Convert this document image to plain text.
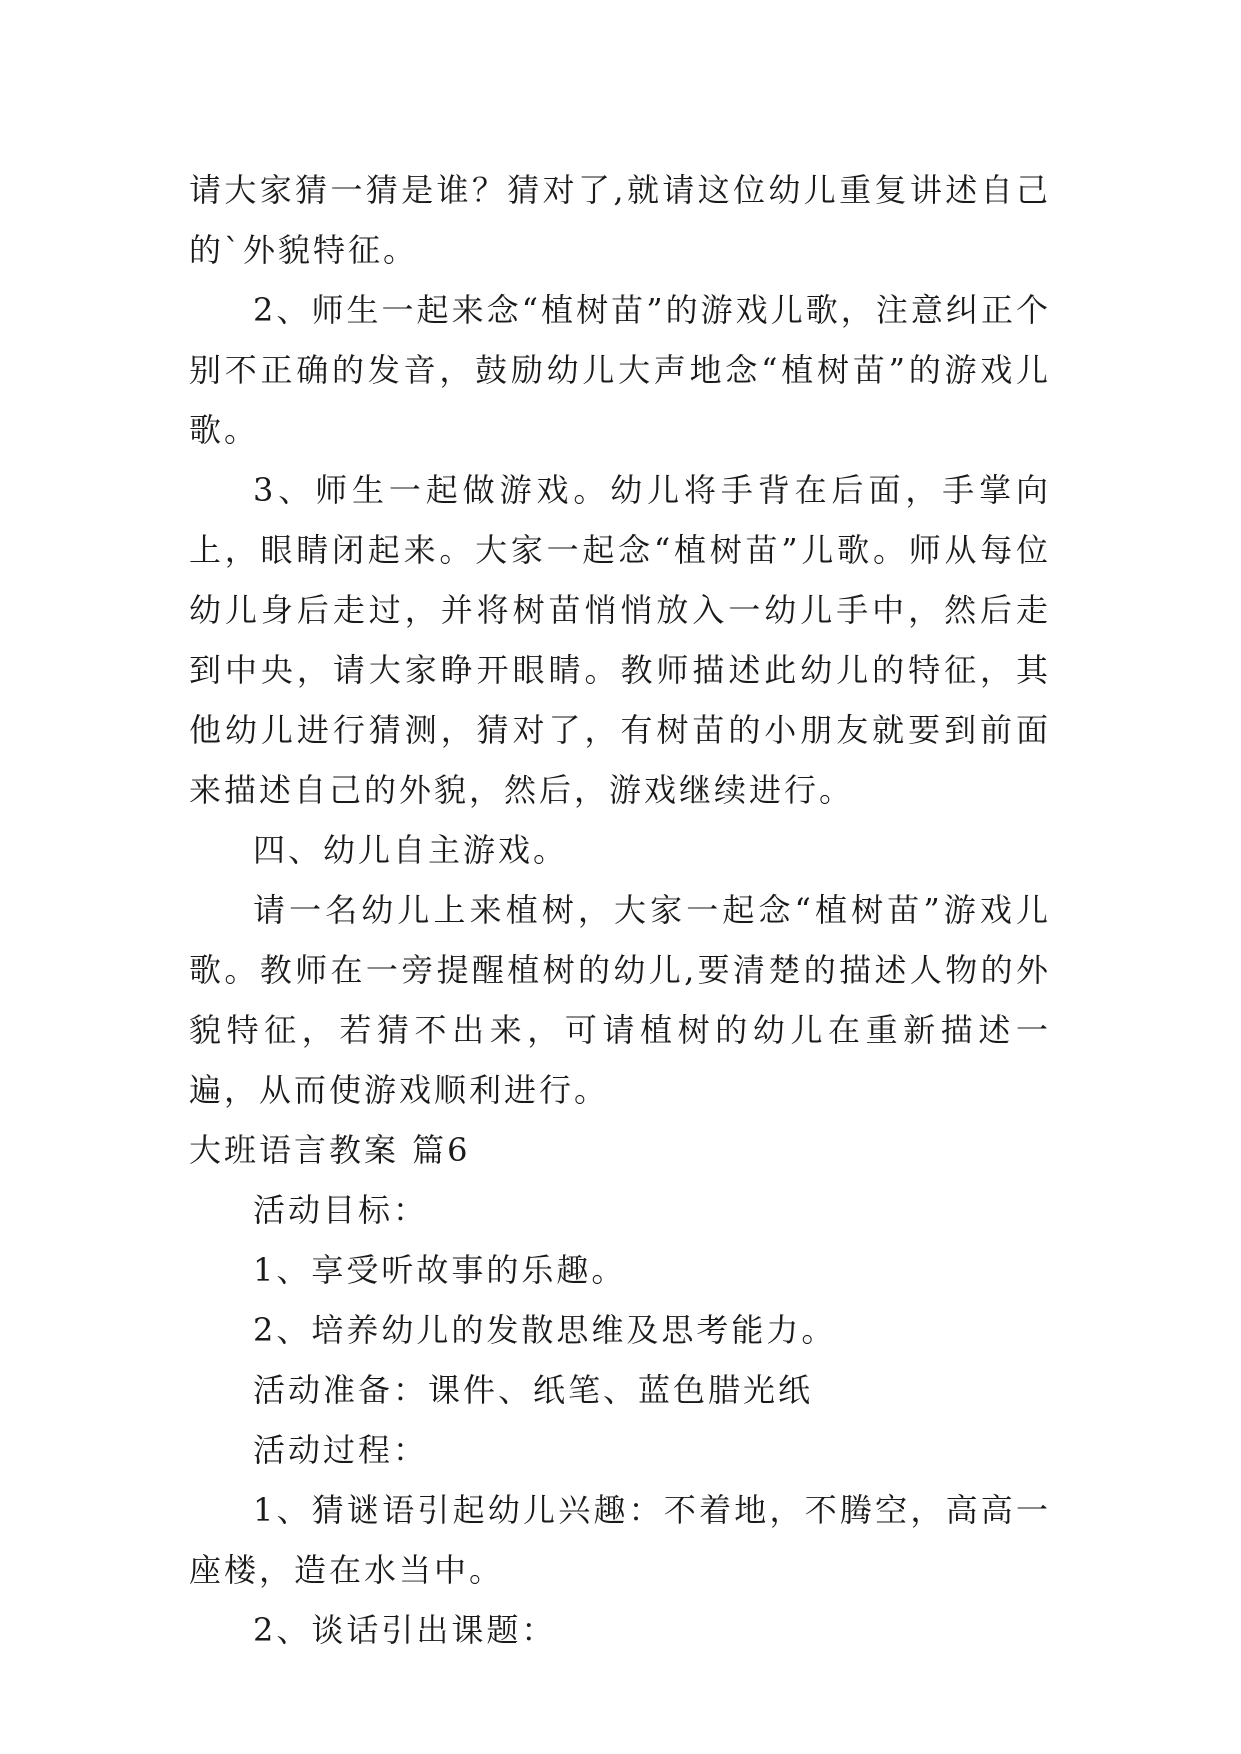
请大家猜一猜是谁？猜对了,就请这位幼儿重复讲述自己的`外貌特征。

2、师生一起来念“植树苗”的游戏儿歌，注意纠正个别不正确的发音，鼓励幼儿大声地念“植树苗”的游戏儿歌。

3、师生一起做游戏。幼儿将手背在后面，手掌向上，眼睛闭起来。大家一起念“植树苗”儿歌。师从每位幼儿身后走过，并将树苗悄悄放入一幼儿手中，然后走到中央，请大家睁开眼睛。教师描述此幼儿的特征，其他幼儿进行猜测，猜对了，有树苗的小朋友就要到前面来描述自己的外貌，然后，游戏继续进行。

四、幼儿自主游戏。

请一名幼儿上来植树，大家一起念“植树苗”游戏儿歌。教师在一旁提醒植树的幼儿,要清楚的描述人物的外貌特征，若猜不出来，可请植树的幼儿在重新描述一遍，从而使游戏顺利进行。

大班语言教案 篇6

活动目标：

1、享受听故事的乐趣。

2、培养幼儿的发散思维及思考能力。

活动准备：课件、纸笔、蓝色腊光纸

活动过程：

1、猜谜语引起幼儿兴趣：不着地，不腾空，高高一座楼，造在水当中。

2、谈话引出课题：
